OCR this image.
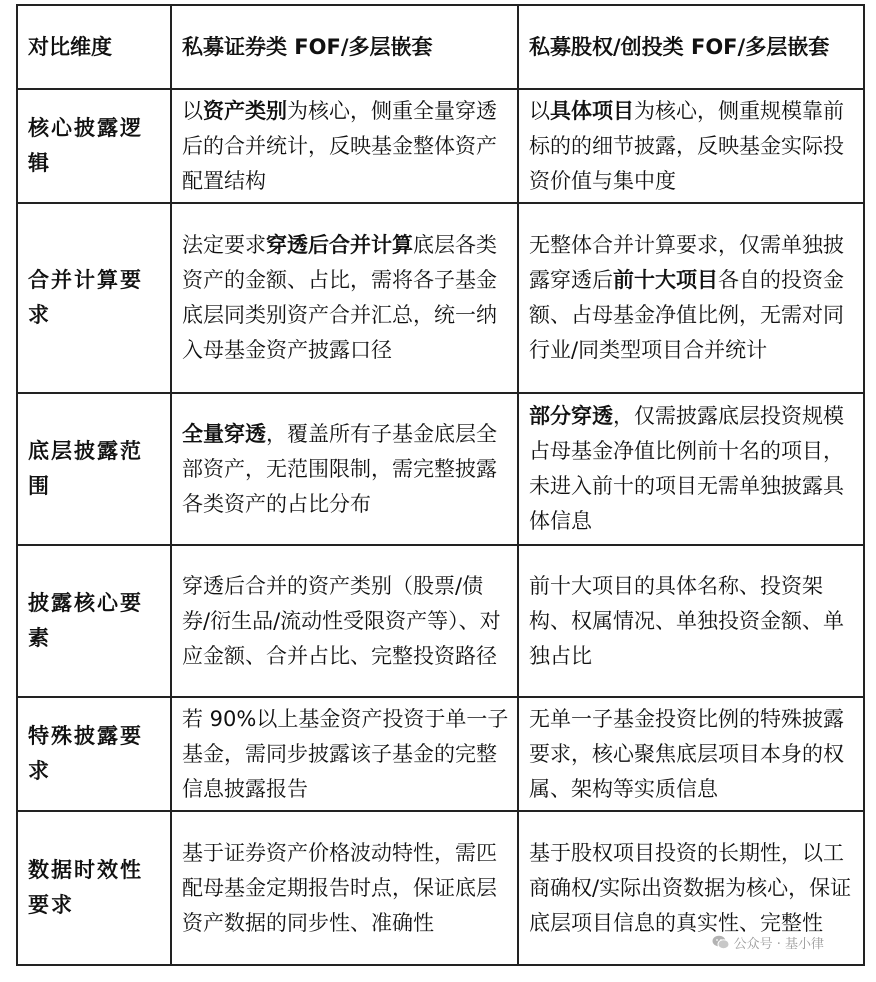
对比维度	私募证券类 FOF/多层嵌套	私募股权/创投类 FOF/多层嵌套
核心披露逻辑	以资产类别为核心，侧重全量穿透后的合并统计，反映基金整体资产配置结构	以具体项目为核心，侧重规模靠前标的的细节披露，反映基金实际投资价值与集中度
合并计算要求	法定要求穿透后合并计算底层各类资产的金额、占比，需将各子基金底层同类别资产合并汇总，统一纳入母基金资产披露口径	无整体合并计算要求，仅需单独披露穿透后前十大项目各自的投资金额、占母基金净值比例，无需对同行业/同类型项目合并统计
底层披露范围	全量穿透，覆盖所有子基金底层全部资产，无范围限制，需完整披露各类资产的占比分布	部分穿透，仅需披露底层投资规模占母基金净值比例前十名的项目，未进入前十的项目无需单独披露具体信息
披露核心要素	穿透后合并的资产类别（股票/债券/衍生品/流动性受限资产等）、对应金额、合并占比、完整投资路径	前十大项目的具体名称、投资架构、权属情况、单独投资金额、单独占比
特殊披露要求	若 90%以上基金资产投资于单一子基金，需同步披露该子基金的完整信息披露报告	无单一子基金投资比例的特殊披露要求，核心聚焦底层项目本身的权属、架构等实质信息
数据时效性要求	基于证券资产价格波动特性，需匹配母基金定期报告时点，保证底层资产数据的同步性、准确性	基于股权项目投资的长期性，以工商确权/实际出资数据为核心，保证底层项目信息的真实性、完整性
公众号 · 基小律
